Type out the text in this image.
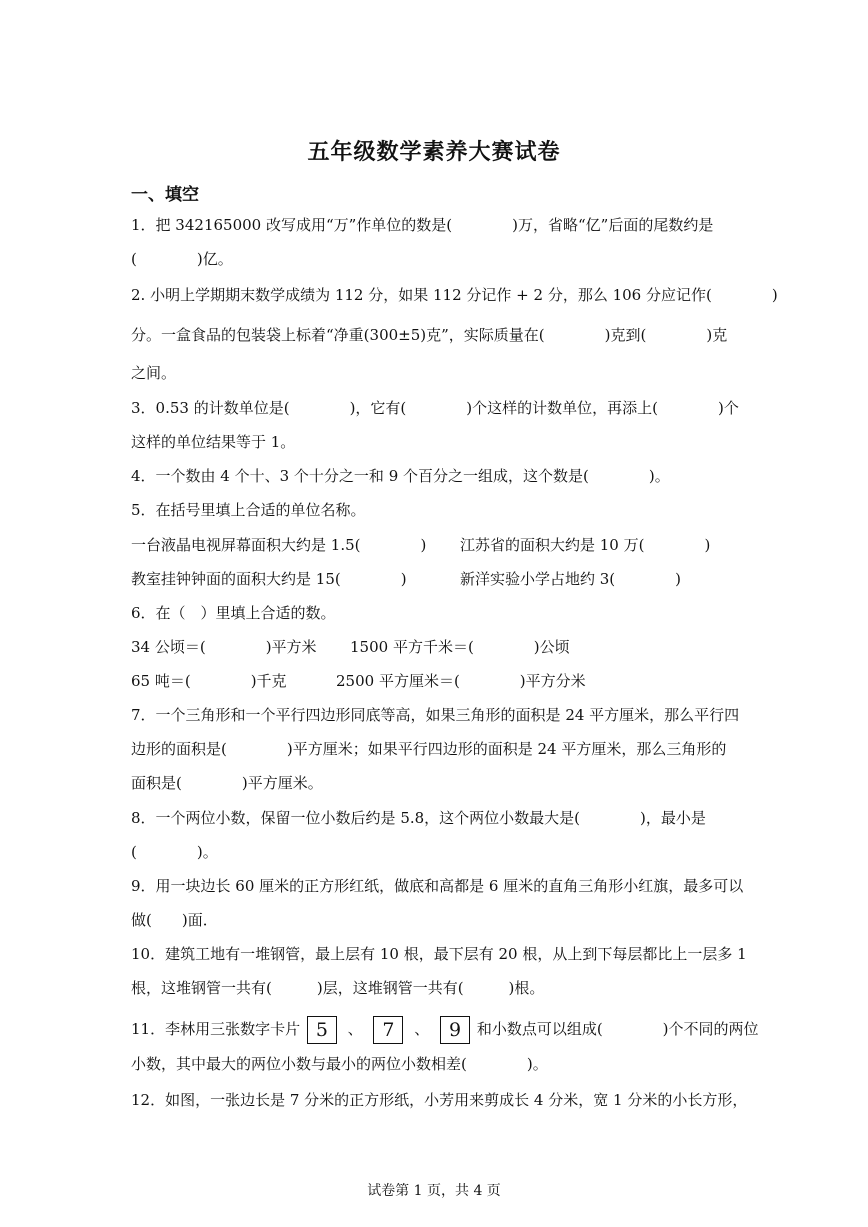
五年级数学素养大赛试卷
一、填空
1．把 342165000 改写成用“万”作单位的数是(　　　　)万，省略“亿”后面的尾数约是
(　　　　)亿。
2. 小明上学期期末数学成绩为 112 分，如果 112 分记作 + 2 分，那么 106 分应记作(　　　　)
分。一盒食品的包装袋上标着“净重(300±5)克”，实际质量在(　　　　)克到(　　　　)克
之间。
3．0.53 的计数单位是(　　　　)，它有(　　　　)个这样的计数单位，再添上(　　　　)个
这样的单位结果等于 1。
4．一个数由 4 个十、3 个十分之一和 9 个百分之一组成，这个数是(　　　　)。
5．在括号里填上合适的单位名称。
一台液晶电视屏幕面积大约是 1.5(　　　　) 江苏省的面积大约是 10 万(　　　　)
教室挂钟钟面的面积大约是 15(　　　　)	新洋实验小学占地约 3(　　　　)
6．在（　）里填上合适的数。
34 公顷＝(　　　　)平方米 1500 平方千米＝(　　　　)公顷
65 吨＝(　　　　)千克	2500 平方厘米＝(　　　　)平方分米
7．一个三角形和一个平行四边形同底等高，如果三角形的面积是 24 平方厘米，那么平行四
边形的面积是(　　　　)平方厘米；如果平行四边形的面积是 24 平方厘米，那么三角形的
面积是(　　　　)平方厘米。
8．一个两位小数，保留一位小数后约是 5.8，这个两位小数最大是(　　　　)，最小是
(　　　　)。
9．用一块边长 60 厘米的正方形红纸，做底和高都是 6 厘米的直角三角形小红旗，最多可以
做(　　)面．
10．建筑工地有一堆钢管，最上层有 10 根，最下层有 20 根，从上到下每层都比上一层多 1
根，这堆钢管一共有(　　　)层，这堆钢管一共有(　　　)根。
11．李林用三张数字卡片 5 、 7 、 9 和小数点可以组成(　　　　)个不同的两位
小数，其中最大的两位小数与最小的两位小数相差(　　　　)。
12．如图，一张边长是 7 分米的正方形纸，小芳用来剪成长 4 分米，宽 1 分米的小长方形，
试卷第 1 页，共 4 页
